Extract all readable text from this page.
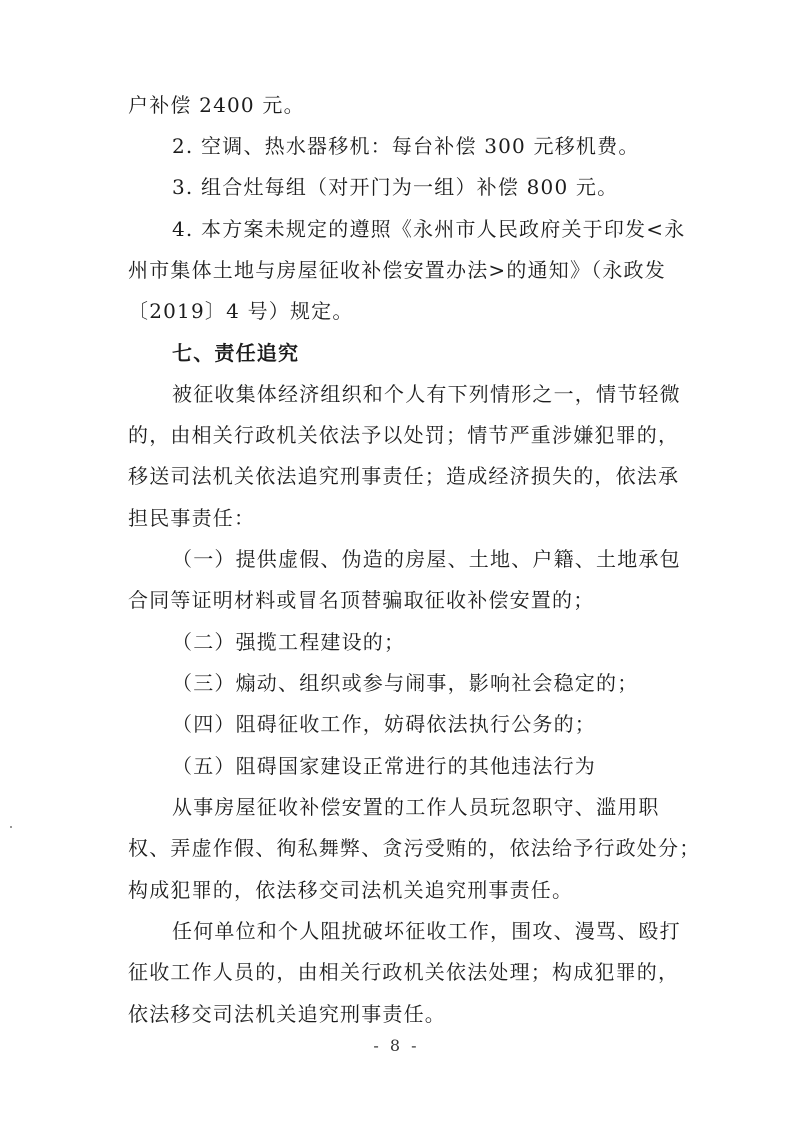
户补偿 2400 元。
2. 空调、热水器移机：每台补偿 300 元移机费。
3. 组合灶每组（对开门为一组）补偿 800 元。
4. 本方案未规定的遵照《永州市人民政府关于印发<永
州市集体土地与房屋征收补偿安置办法>的通知》（永政发
〔2019〕4 号）规定。
七、责任追究
被征收集体经济组织和个人有下列情形之一，情节轻微
的，由相关行政机关依法予以处罚；情节严重涉嫌犯罪的，
移送司法机关依法追究刑事责任；造成经济损失的，依法承
担民事责任：
（一）提供虚假、伪造的房屋、土地、户籍、土地承包
合同等证明材料或冒名顶替骗取征收补偿安置的；
（二）强揽工程建设的；
（三）煽动、组织或参与闹事，影响社会稳定的；
（四）阻碍征收工作，妨碍依法执行公务的；
（五）阻碍国家建设正常进行的其他违法行为
从事房屋征收补偿安置的工作人员玩忽职守、滥用职
权、弄虚作假、徇私舞弊、贪污受贿的，依法给予行政处分；
构成犯罪的，依法移交司法机关追究刑事责任。
任何单位和个人阻扰破坏征收工作，围攻、漫骂、殴打
征收工作人员的，由相关行政机关依法处理；构成犯罪的，
依法移交司法机关追究刑事责任。
- 8 -
